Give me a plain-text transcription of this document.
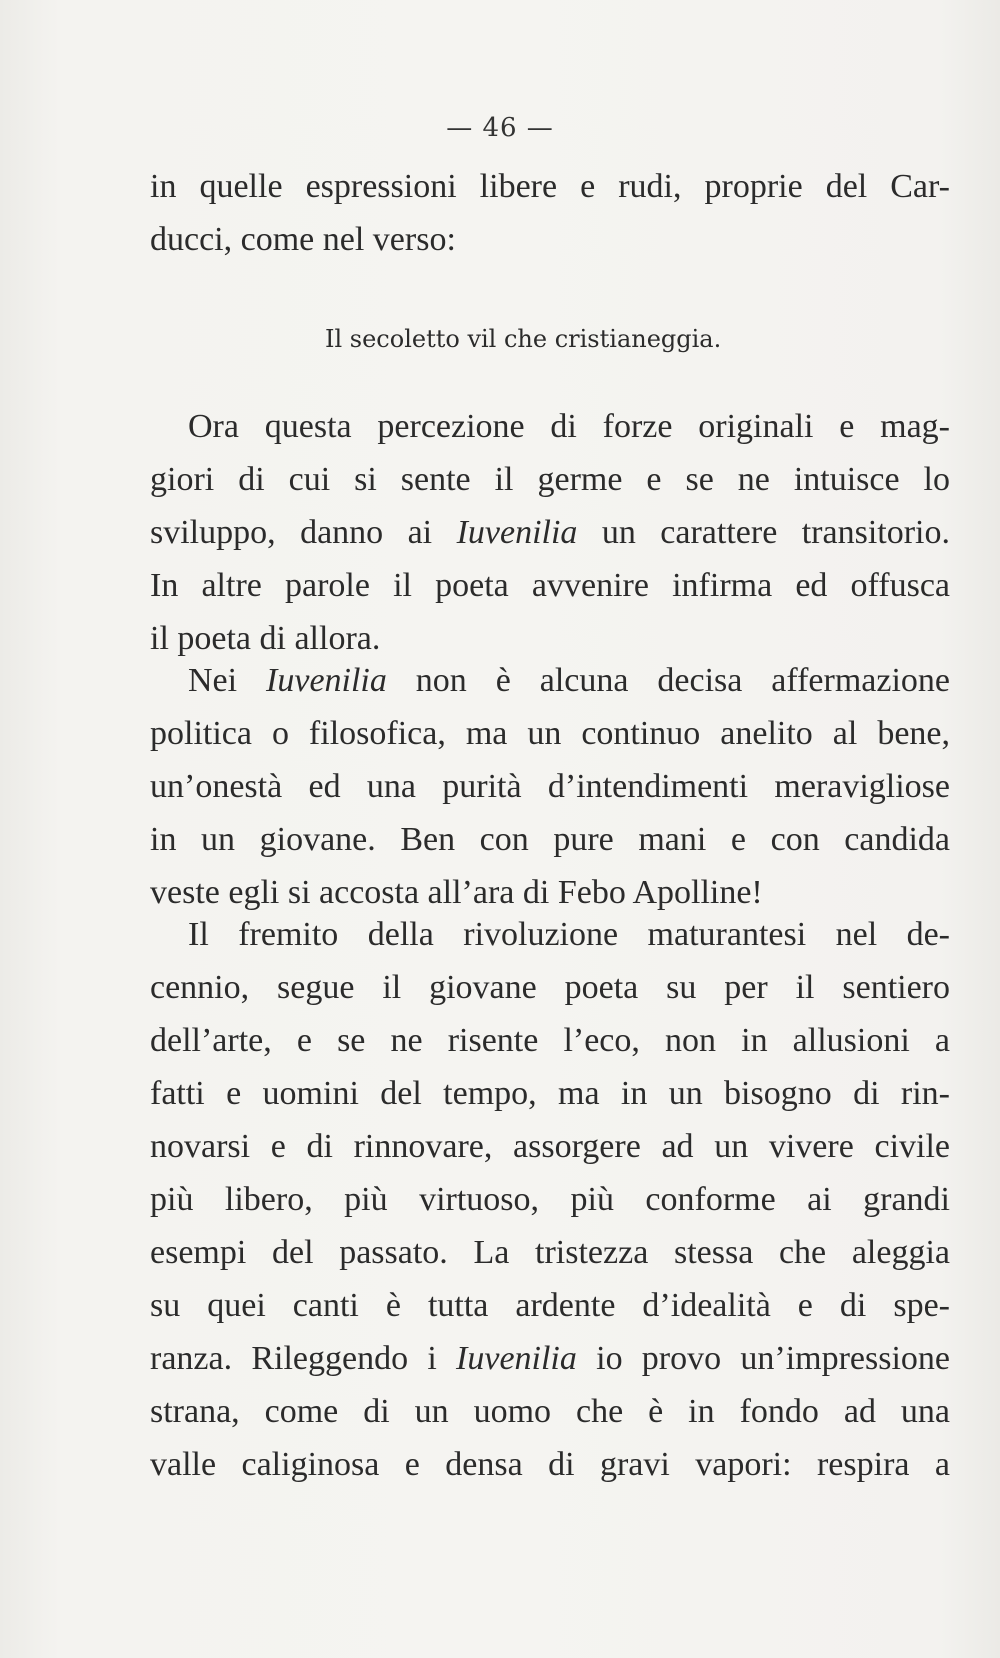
— 46 —
in quelle espressioni libere e rudi, proprie del Car-
ducci, come nel verso:
Il secoletto vil che cristianeggia.
Ora questa percezione di forze originali e mag-
giori di cui si sente il germe e se ne intuisce lo
sviluppo, danno ai Iuvenilia un carattere transitorio.
In altre parole il poeta avvenire infirma ed offusca
il poeta di allora.
Nei Iuvenilia non è alcuna decisa affermazione
politica o filosofica, ma un continuo anelito al bene,
un’onestà ed una purità d’intendimenti meravigliose
in un giovane. Ben con pure mani e con candida
veste egli si accosta all’ara di Febo Apolline!
Il fremito della rivoluzione maturantesi nel de-
cennio, segue il giovane poeta su per il sentiero
dell’arte, e se ne risente l’eco, non in allusioni a
fatti e uomini del tempo, ma in un bisogno di rin-
novarsi e di rinnovare, assorgere ad un vivere civile
più libero, più virtuoso, più conforme ai grandi
esempi del passato. La tristezza stessa che aleggia
su quei canti è tutta ardente d’idealità e di spe-
ranza. Rileggendo i Iuvenilia io provo un’impressione
strana, come di un uomo che è in fondo ad una
valle caliginosa e densa di gravi vapori: respira a
